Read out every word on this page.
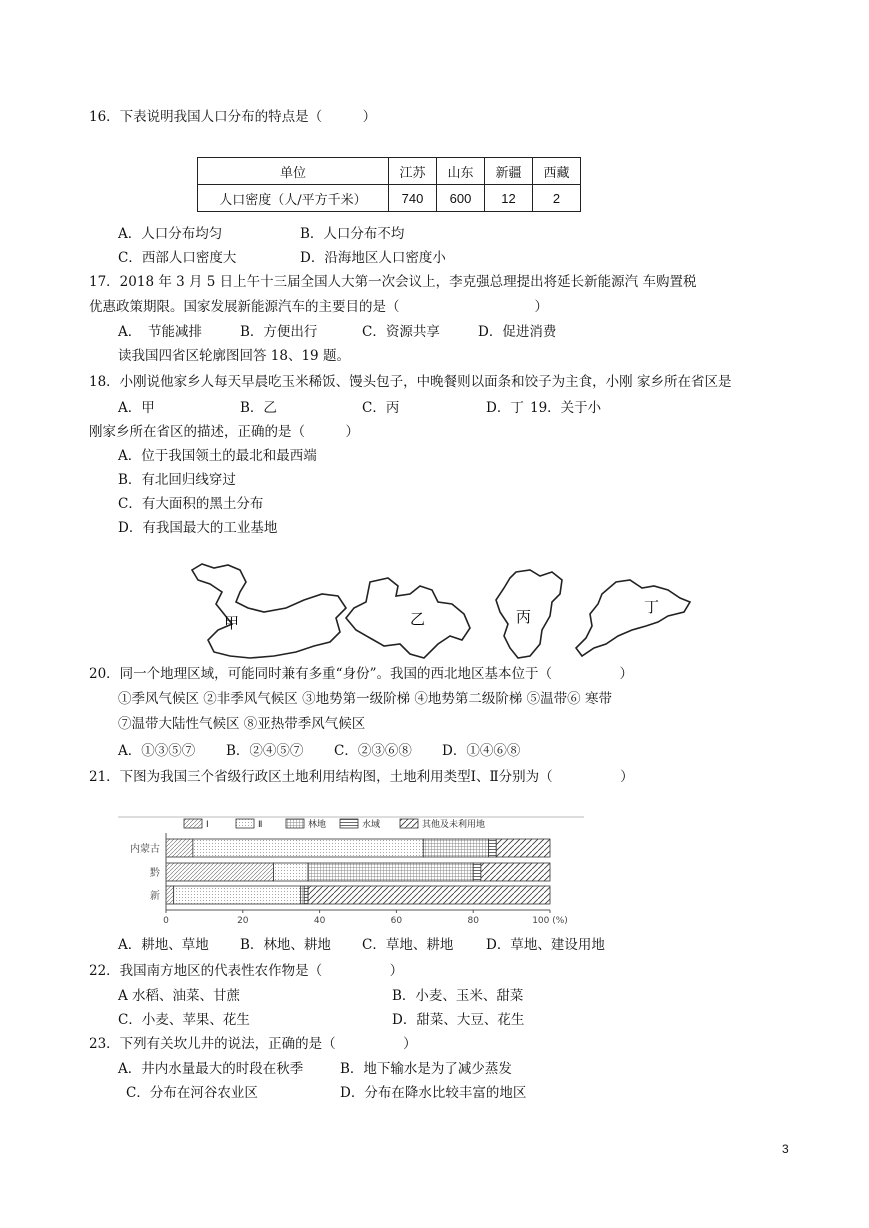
16．下表说明我国人口分布的特点是（　　　）
单位	江苏	山东	新疆	西藏
人口密度（人/平方千米）	740	600	12	2
A．人口分布均匀	B．人口分布不均
C．西部人口密度大	D．沿海地区人口密度小
17．2018 年 3 月 5 日上午十三届全国人大第一次会议上，李克强总理提出将延长新能源汽 车购置税
优惠政策期限。国家发展新能源汽车的主要目的是（　　　　　　　　　　）
A．　节能减排	B．方便出行	C．资源共享	D．促进消费
读我国四省区轮廓图回答 18、19 题。
18．小刚说他家乡人每天早晨吃玉米稀饭、馒头包子，中晚餐则以面条和饺子为主食，小刚 家乡所在省区是
A．甲	B．乙	C．丙	D．丁 19．关于小
刚家乡所在省区的描述，正确的是（　　　）
A．位于我国领土的最北和最西端
B．有北回归线穿过
C．有大面积的黑土分布
D．有我国最大的工业基地
甲	乙	丙
丁
20．同一个地理区域，可能同时兼有多重“身份”。我国的西北地区基本位于（　　　　　）
①季风气候区 ②非季风气候区 ③地势第一级阶梯 ④地势第二级阶梯 ⑤温带⑥ 寒带
⑦温带大陆性气候区 ⑧亚热带季风气候区
A．①③⑤⑦ B．②④⑤⑦ C．②③⑥⑧ D．①④⑥⑧
21．下图为我国三个省级行政区土地利用结构图，土地利用类型Ⅰ、Ⅱ分别为（　　　　　）
Ⅰ	Ⅱ	林地	水域	其他及未利用地
内蒙古
黔
新
0	20	40	60	80	100 (%)
A．耕地、草地 B．林地、耕地 C．草地、耕地 D．草地、建设用地
22．我国南方地区的代表性农作物是（　　　　　）
A 水稻、油菜、甘蔗	B．小麦、玉米、甜菜
C．小麦、苹果、花生	D．甜菜、大豆、花生
23．下列有关坎儿井的说法，正确的是（　　　　　）
A．井内水量最大的时段在秋季	B．地下输水是为了减少蒸发
C．分布在河谷农业区	D．分布在降水比较丰富的地区
3
